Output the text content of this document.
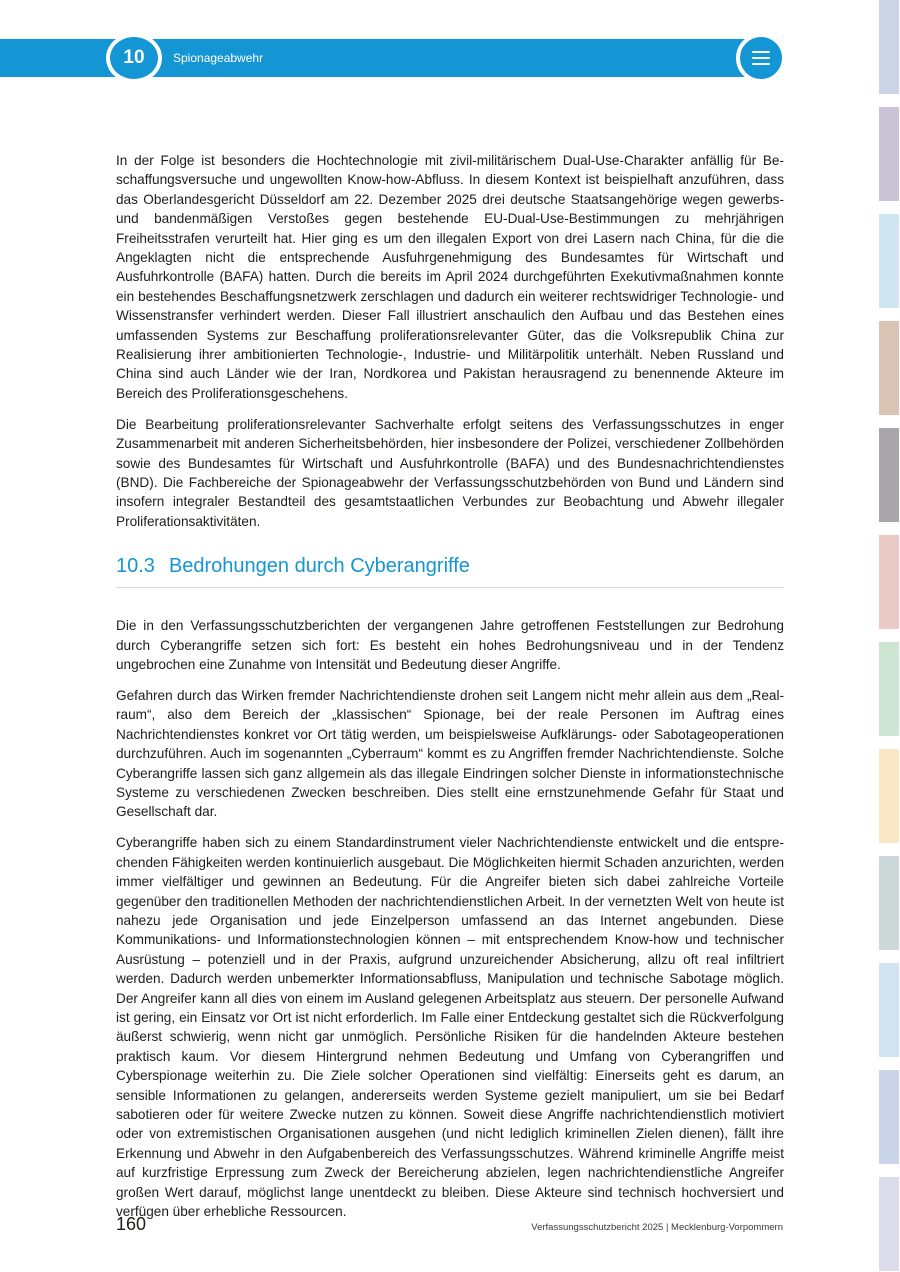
10 Spionageabwehr

In der Folge ist besonders die Hochtechnologie mit zivil-militärischem Dual-Use-Charakter anfällig für Beschaffungsversuche und ungewollten Know-how-Abfluss. In diesem Kontext ist beispielhaft anzuführen, dass das Oberlandesgericht Düsseldorf am 22. Dezember 2025 drei deutsche Staatsangehörige wegen gewerbs- und bandenmäßigen Verstoßes gegen bestehende EU-Dual-Use-Bestimmungen zu mehrjährigen Freiheitsstrafen verurteilt hat. Hier ging es um den illegalen Export von drei Lasern nach China, für die die Angeklagten nicht die entsprechende Ausfuhrgenehmigung des Bundesamtes für Wirtschaft und Ausfuhrkontrolle (BAFA) hatten. Durch die bereits im April 2024 durchgeführten Exekutivmaßnahmen konnte ein bestehendes Beschaffungsnetzwerk zerschlagen und dadurch ein weiterer rechtswidriger Technologie- und Wissenstransfer verhindert werden. Dieser Fall illustriert anschaulich den Aufbau und das Bestehen eines umfassenden Systems zur Beschaffung proliferationsrelevanter Güter, das die Volksrepublik China zur Realisierung ihrer ambitionierten Technologie-, Industrie- und Militärpolitik unterhält. Neben Russland und China sind auch Länder wie der Iran, Nordkorea und Pakistan herausragend zu benennende Akteure im Bereich des Proliferationsgeschehens.

Die Bearbeitung proliferationsrelevanter Sachverhalte erfolgt seitens des Verfassungsschutzes in enger Zusammenarbeit mit anderen Sicherheitsbehörden, hier insbesondere der Polizei, verschiedener Zollbehörden sowie des Bundesamtes für Wirtschaft und Ausfuhrkontrolle (BAFA) und des Bundesnachrichtendienstes (BND). Die Fachbereiche der Spionageabwehr der Verfassungsschutzbehörden von Bund und Ländern sind insofern integraler Bestandteil des gesamtstaatlichen Verbundes zur Beobachtung und Abwehr illegaler Proliferationsaktivitäten.

10.3 Bedrohungen durch Cyberangriffe

Die in den Verfassungsschutzberichten der vergangenen Jahre getroffenen Feststellungen zur Bedrohung durch Cyberangriffe setzen sich fort: Es besteht ein hohes Bedrohungsniveau und in der Tendenz ungebrochen eine Zunahme von Intensität und Bedeutung dieser Angriffe.

Gefahren durch das Wirken fremder Nachrichtendienste drohen seit Langem nicht mehr allein aus dem „Realraum“, also dem Bereich der „klassischen“ Spionage, bei der reale Personen im Auftrag eines Nachrichtendienstes konkret vor Ort tätig werden, um beispielsweise Aufklärungs- oder Sabotageoperationen durchzuführen. Auch im sogenannten „Cyberraum“ kommt es zu Angriffen fremder Nachrichtendienste. Solche Cyberangriffe lassen sich ganz allgemein als das illegale Eindringen solcher Dienste in informationstechnische Systeme zu verschiedenen Zwecken beschreiben. Dies stellt eine ernstzunehmende Gefahr für Staat und Gesellschaft dar.

Cyberangriffe haben sich zu einem Standardinstrument vieler Nachrichtendienste entwickelt und die entsprechenden Fähigkeiten werden kontinuierlich ausgebaut. Die Möglichkeiten hiermit Schaden anzurichten, werden immer vielfältiger und gewinnen an Bedeutung. Für die Angreifer bieten sich dabei zahlreiche Vorteile gegenüber den traditionellen Methoden der nachrichtendienstlichen Arbeit. In der vernetzten Welt von heute ist nahezu jede Organisation und jede Einzelperson umfassend an das Internet angebunden. Diese Kommunikations- und Informationstechnologien können – mit entsprechendem Know-how und technischer Ausrüstung – potenziell und in der Praxis, aufgrund unzureichender Absicherung, allzu oft real infiltriert werden. Dadurch werden unbemerkter Informationsabfluss, Manipulation und technische Sabotage möglich. Der Angreifer kann all dies von einem im Ausland gelegenen Arbeitsplatz aus steuern. Der personelle Aufwand ist gering, ein Einsatz vor Ort ist nicht erforderlich. Im Falle einer Entdeckung gestaltet sich die Rückverfolgung äußerst schwierig, wenn nicht gar unmöglich. Persönliche Risiken für die handelnden Akteure bestehen praktisch kaum. Vor diesem Hintergrund nehmen Bedeutung und Umfang von Cyberangriffen und Cyberspionage weiterhin zu. Die Ziele solcher Operationen sind vielfältig: Einerseits geht es darum, an sensible Informationen zu gelangen, andererseits werden Systeme gezielt manipuliert, um sie bei Bedarf sabotieren oder für weitere Zwecke nutzen zu können. Soweit diese Angriffe nachrichtendienstlich motiviert oder von extremistischen Organisationen ausgehen (und nicht lediglich kriminellen Zielen dienen), fällt ihre Erkennung und Abwehr in den Aufgabenbereich des Verfassungsschutzes. Während kriminelle Angriffe meist auf kurzfristige Erpressung zum Zweck der Bereicherung abzielen, legen nachrichtendienstliche Angreifer großen Wert darauf, möglichst lange unentdeckt zu bleiben. Diese Akteure sind technisch hochversiert und verfügen über erhebliche Ressourcen.

160	Verfassungsschutzbericht 2025 | Mecklenburg-Vorpommern
